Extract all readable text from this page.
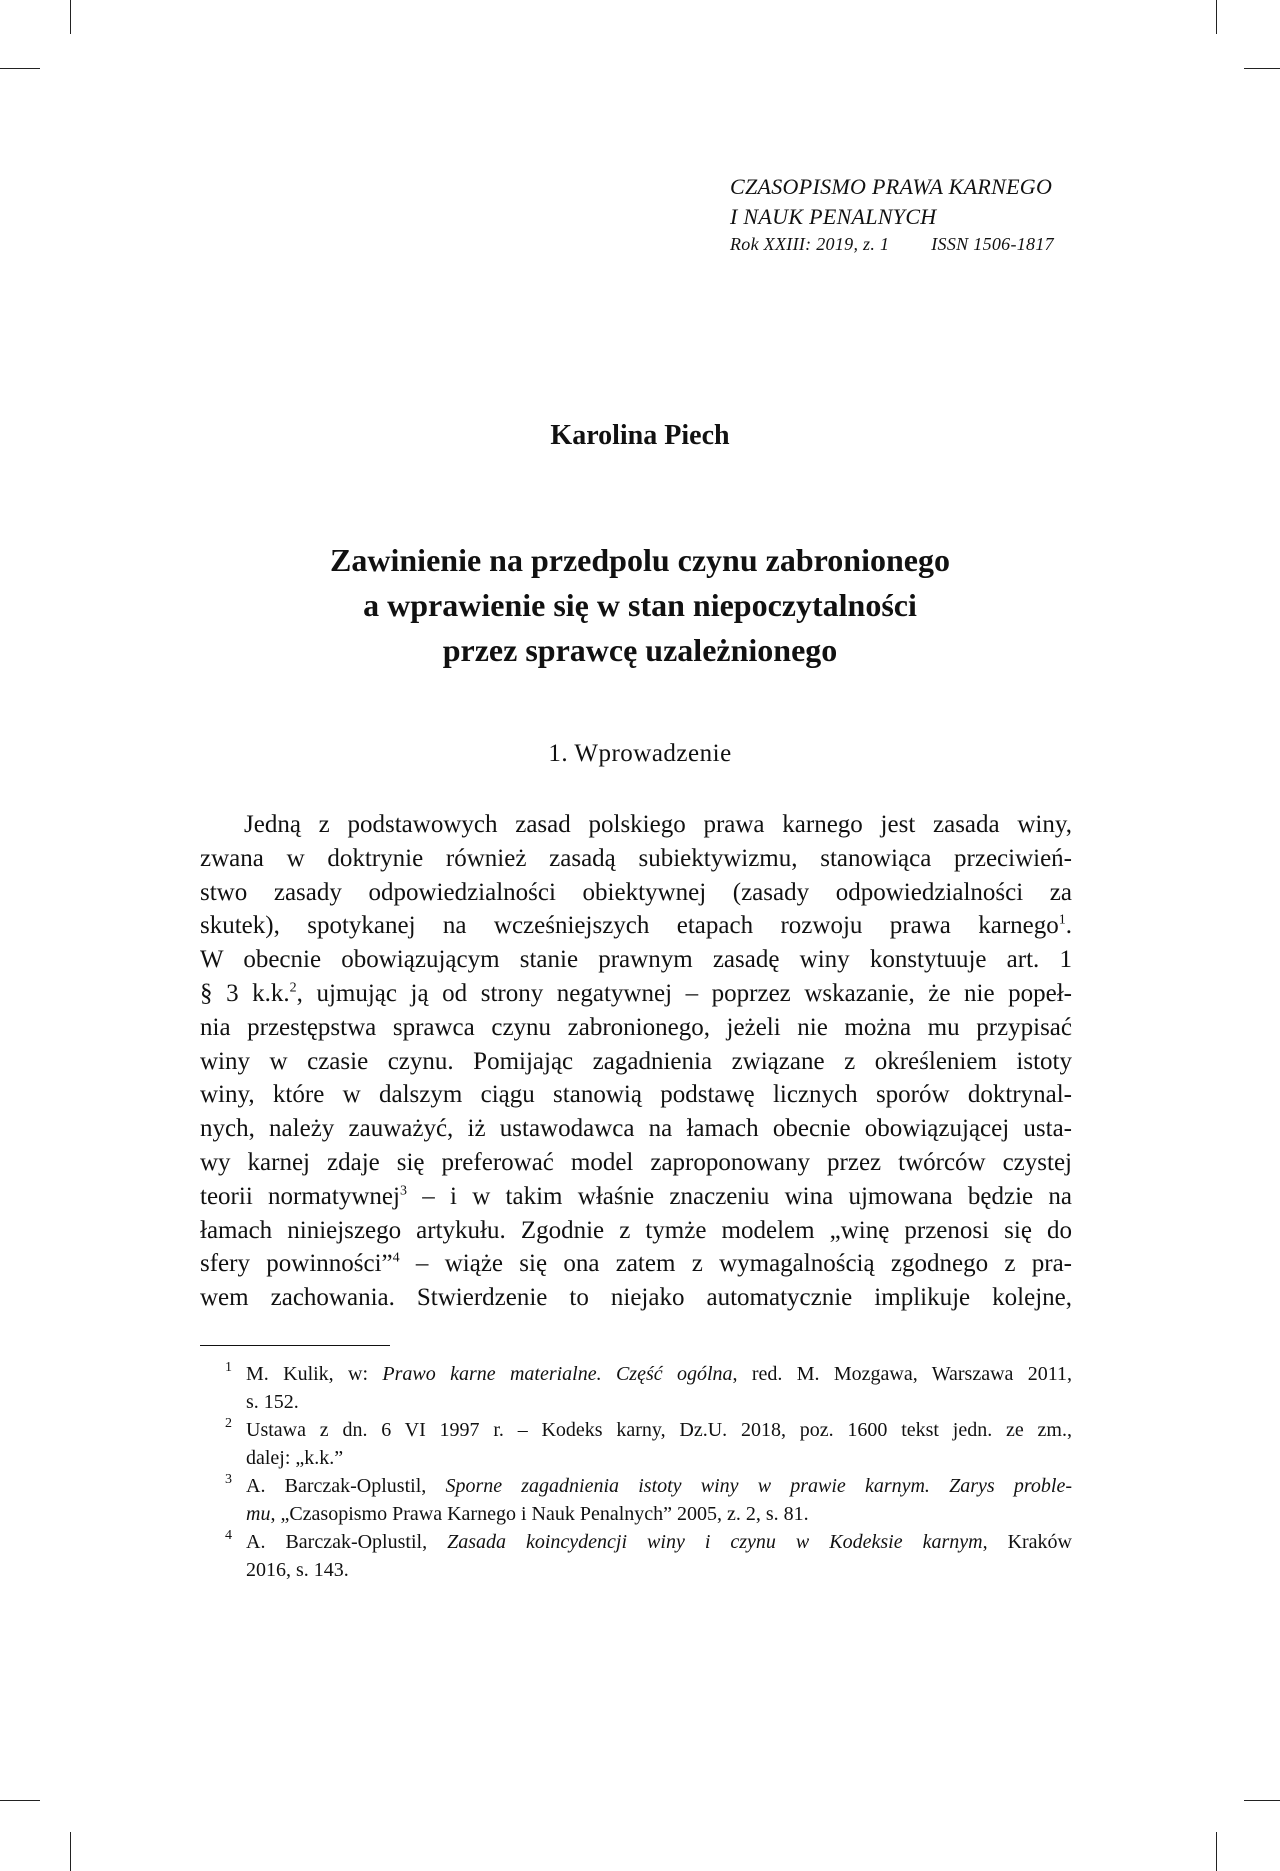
CZASOPISMO PRAWA KARNEGO
I NAUK PENALNYCH
Rok XXIII: 2019, z. 1 ISSN 1506-1817
Karolina Piech
Zawinienie na przedpolu czynu zabronionego
a wprawienie się w stan niepoczytalności
przez sprawcę uzależnionego
1. Wprowadzenie
Jedną z podstawowych zasad polskiego prawa karnego jest zasada winy,
zwana w doktrynie również zasadą subiektywizmu, stanowiąca przeciwień-
stwo zasady odpowiedzialności obiektywnej (zasady odpowiedzialności za
skutek), spotykanej na wcześniejszych etapach rozwoju prawa karnego$^1$.
W obecnie obowiązującym stanie prawnym zasadę winy konstytuuje art. 1
§ 3 k.k.$^2$, ujmując ją od strony negatywnej – poprzez wskazanie, że nie popeł-
nia przestępstwa sprawca czynu zabronionego, jeżeli nie można mu przypisać
winy w czasie czynu. Pomijając zagadnienia związane z określeniem istoty
winy, które w dalszym ciągu stanowią podstawę licznych sporów doktrynal-
nych, należy zauważyć, iż ustawodawca na łamach obecnie obowiązującej usta-
wy karnej zdaje się preferować model zaproponowany przez twórców czystej
teorii normatywnej$^3$ – i w takim właśnie znaczeniu wina ujmowana będzie na
łamach niniejszego artykułu. Zgodnie z tymże modelem „winę przenosi się do
sfery powinności”$^4$ – wiąże się ona zatem z wymagalnością zgodnego z pra-
wem zachowania. Stwierdzenie to niejako automatycznie implikuje kolejne,
1 M. Kulik, w: Prawo karne materialne. Część ogólna, red. M. Mozgawa, Warszawa 2011,
s. 152.
2 Ustawa z dn. 6 VI 1997 r. – Kodeks karny, Dz.U. 2018, poz. 1600 tekst jedn. ze zm.,
dalej: „k.k.”
3 A. Barczak-Oplustil, Sporne zagadnienia istoty winy w prawie karnym. Zarys proble-
mu, „Czasopismo Prawa Karnego i Nauk Penalnych” 2005, z. 2, s. 81.
4 A. Barczak-Oplustil, Zasada koincydencji winy i czynu w Kodeksie karnym, Kraków
2016, s. 143.
